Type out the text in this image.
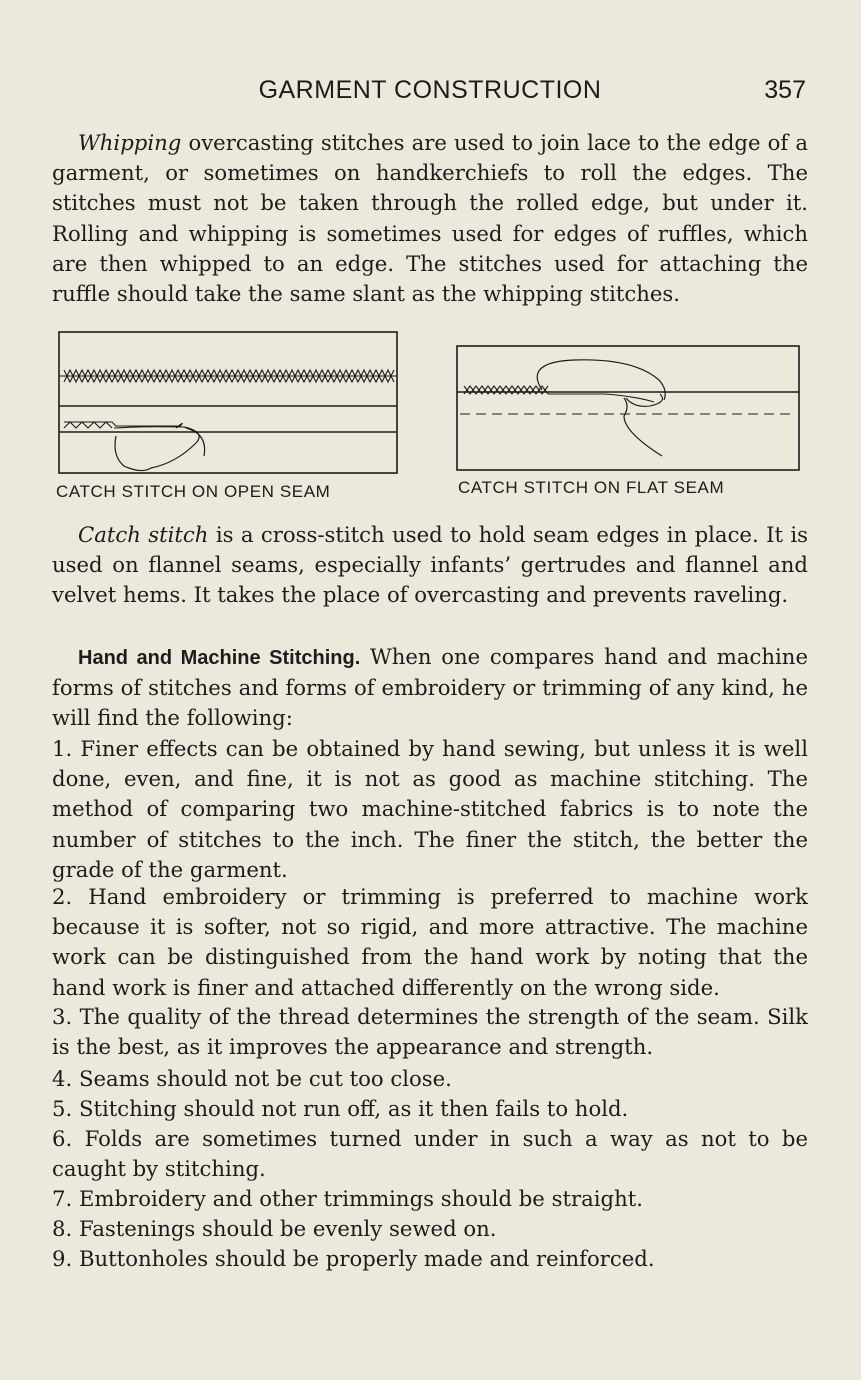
GARMENT CONSTRUCTION	357

Whipping overcasting stitches are used to join lace to the edge of a garment, or sometimes on handkerchiefs to roll the edges. The stitches must not be taken through the rolled edge, but under it. Rolling and whipping is sometimes used for edges of ruffles, which are then whipped to an edge. The stitches used for attaching the ruffle should take the same slant as the whipping stitches.

CATCH STITCH ON OPEN SEAM	CATCH STITCH ON FLAT SEAM

Catch stitch is a cross-stitch used to hold seam edges in place. It is used on flannel seams, especially infants’ gertrudes and flannel and velvet hems. It takes the place of overcasting and prevents raveling.

Hand and Machine Stitching. When one compares hand and machine forms of stitches and forms of embroidery or trimming of any kind, he will find the following:

1. Finer effects can be obtained by hand sewing, but unless it is well done, even, and fine, it is not as good as machine stitching. The method of comparing two machine-stitched fabrics is to note the number of stitches to the inch. The finer the stitch, the better the grade of the garment.

2. Hand embroidery or trimming is preferred to machine work because it is softer, not so rigid, and more attractive. The machine work can be distinguished from the hand work by noting that the hand work is finer and attached differently on the wrong side.

3. The quality of the thread determines the strength of the seam. Silk is the best, as it improves the appearance and strength.

4. Seams should not be cut too close.

5. Stitching should not run off, as it then fails to hold.

6. Folds are sometimes turned under in such a way as not to be caught by stitching.

7. Embroidery and other trimmings should be straight.

8. Fastenings should be evenly sewed on.

9. Buttonholes should be properly made and reinforced.
